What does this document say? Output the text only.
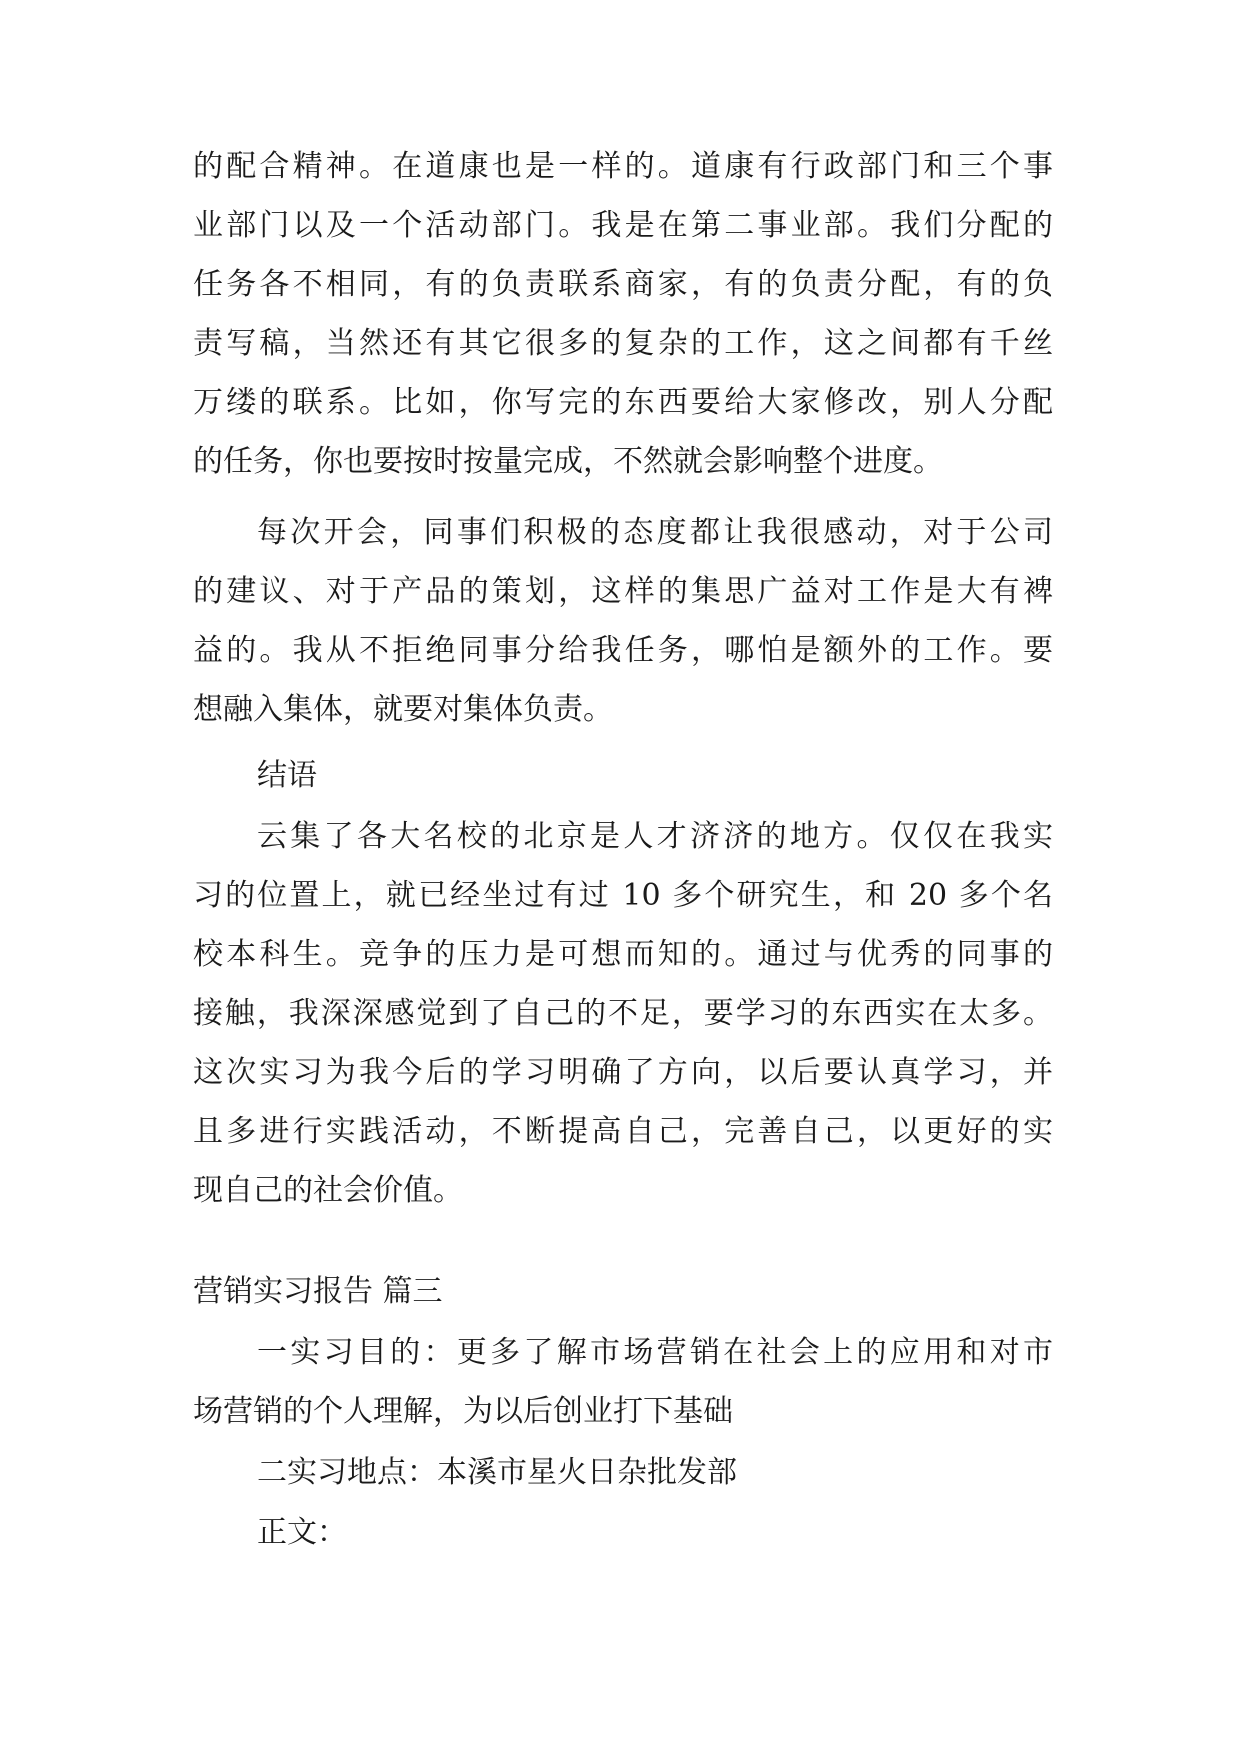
的配合精神。在道康也是一样的。道康有行政部门和三个事
业部门以及一个活动部门。我是在第二事业部。我们分配的
任务各不相同，有的负责联系商家，有的负责分配，有的负
责写稿，当然还有其它很多的复杂的工作，这之间都有千丝
万缕的联系。比如，你写完的东西要给大家修改，别人分配
的任务，你也要按时按量完成，不然就会影响整个进度。
每次开会，同事们积极的态度都让我很感动，对于公司
的建议、对于产品的策划，这样的集思广益对工作是大有裨
益的。我从不拒绝同事分给我任务，哪怕是额外的工作。要
想融入集体，就要对集体负责。
结语
云集了各大名校的北京是人才济济的地方。仅仅在我实
习的位置上，就已经坐过有过 10 多个研究生，和 20 多个名
校本科生。竞争的压力是可想而知的。通过与优秀的同事的
接触，我深深感觉到了自己的不足，要学习的东西实在太多。
这次实习为我今后的学习明确了方向，以后要认真学习，并
且多进行实践活动，不断提高自己，完善自己，以更好的实
现自己的社会价值。
营销实习报告 篇三
一实习目的：更多了解市场营销在社会上的应用和对市
场营销的个人理解，为以后创业打下基础
二实习地点：本溪市星火日杂批发部
正文：
